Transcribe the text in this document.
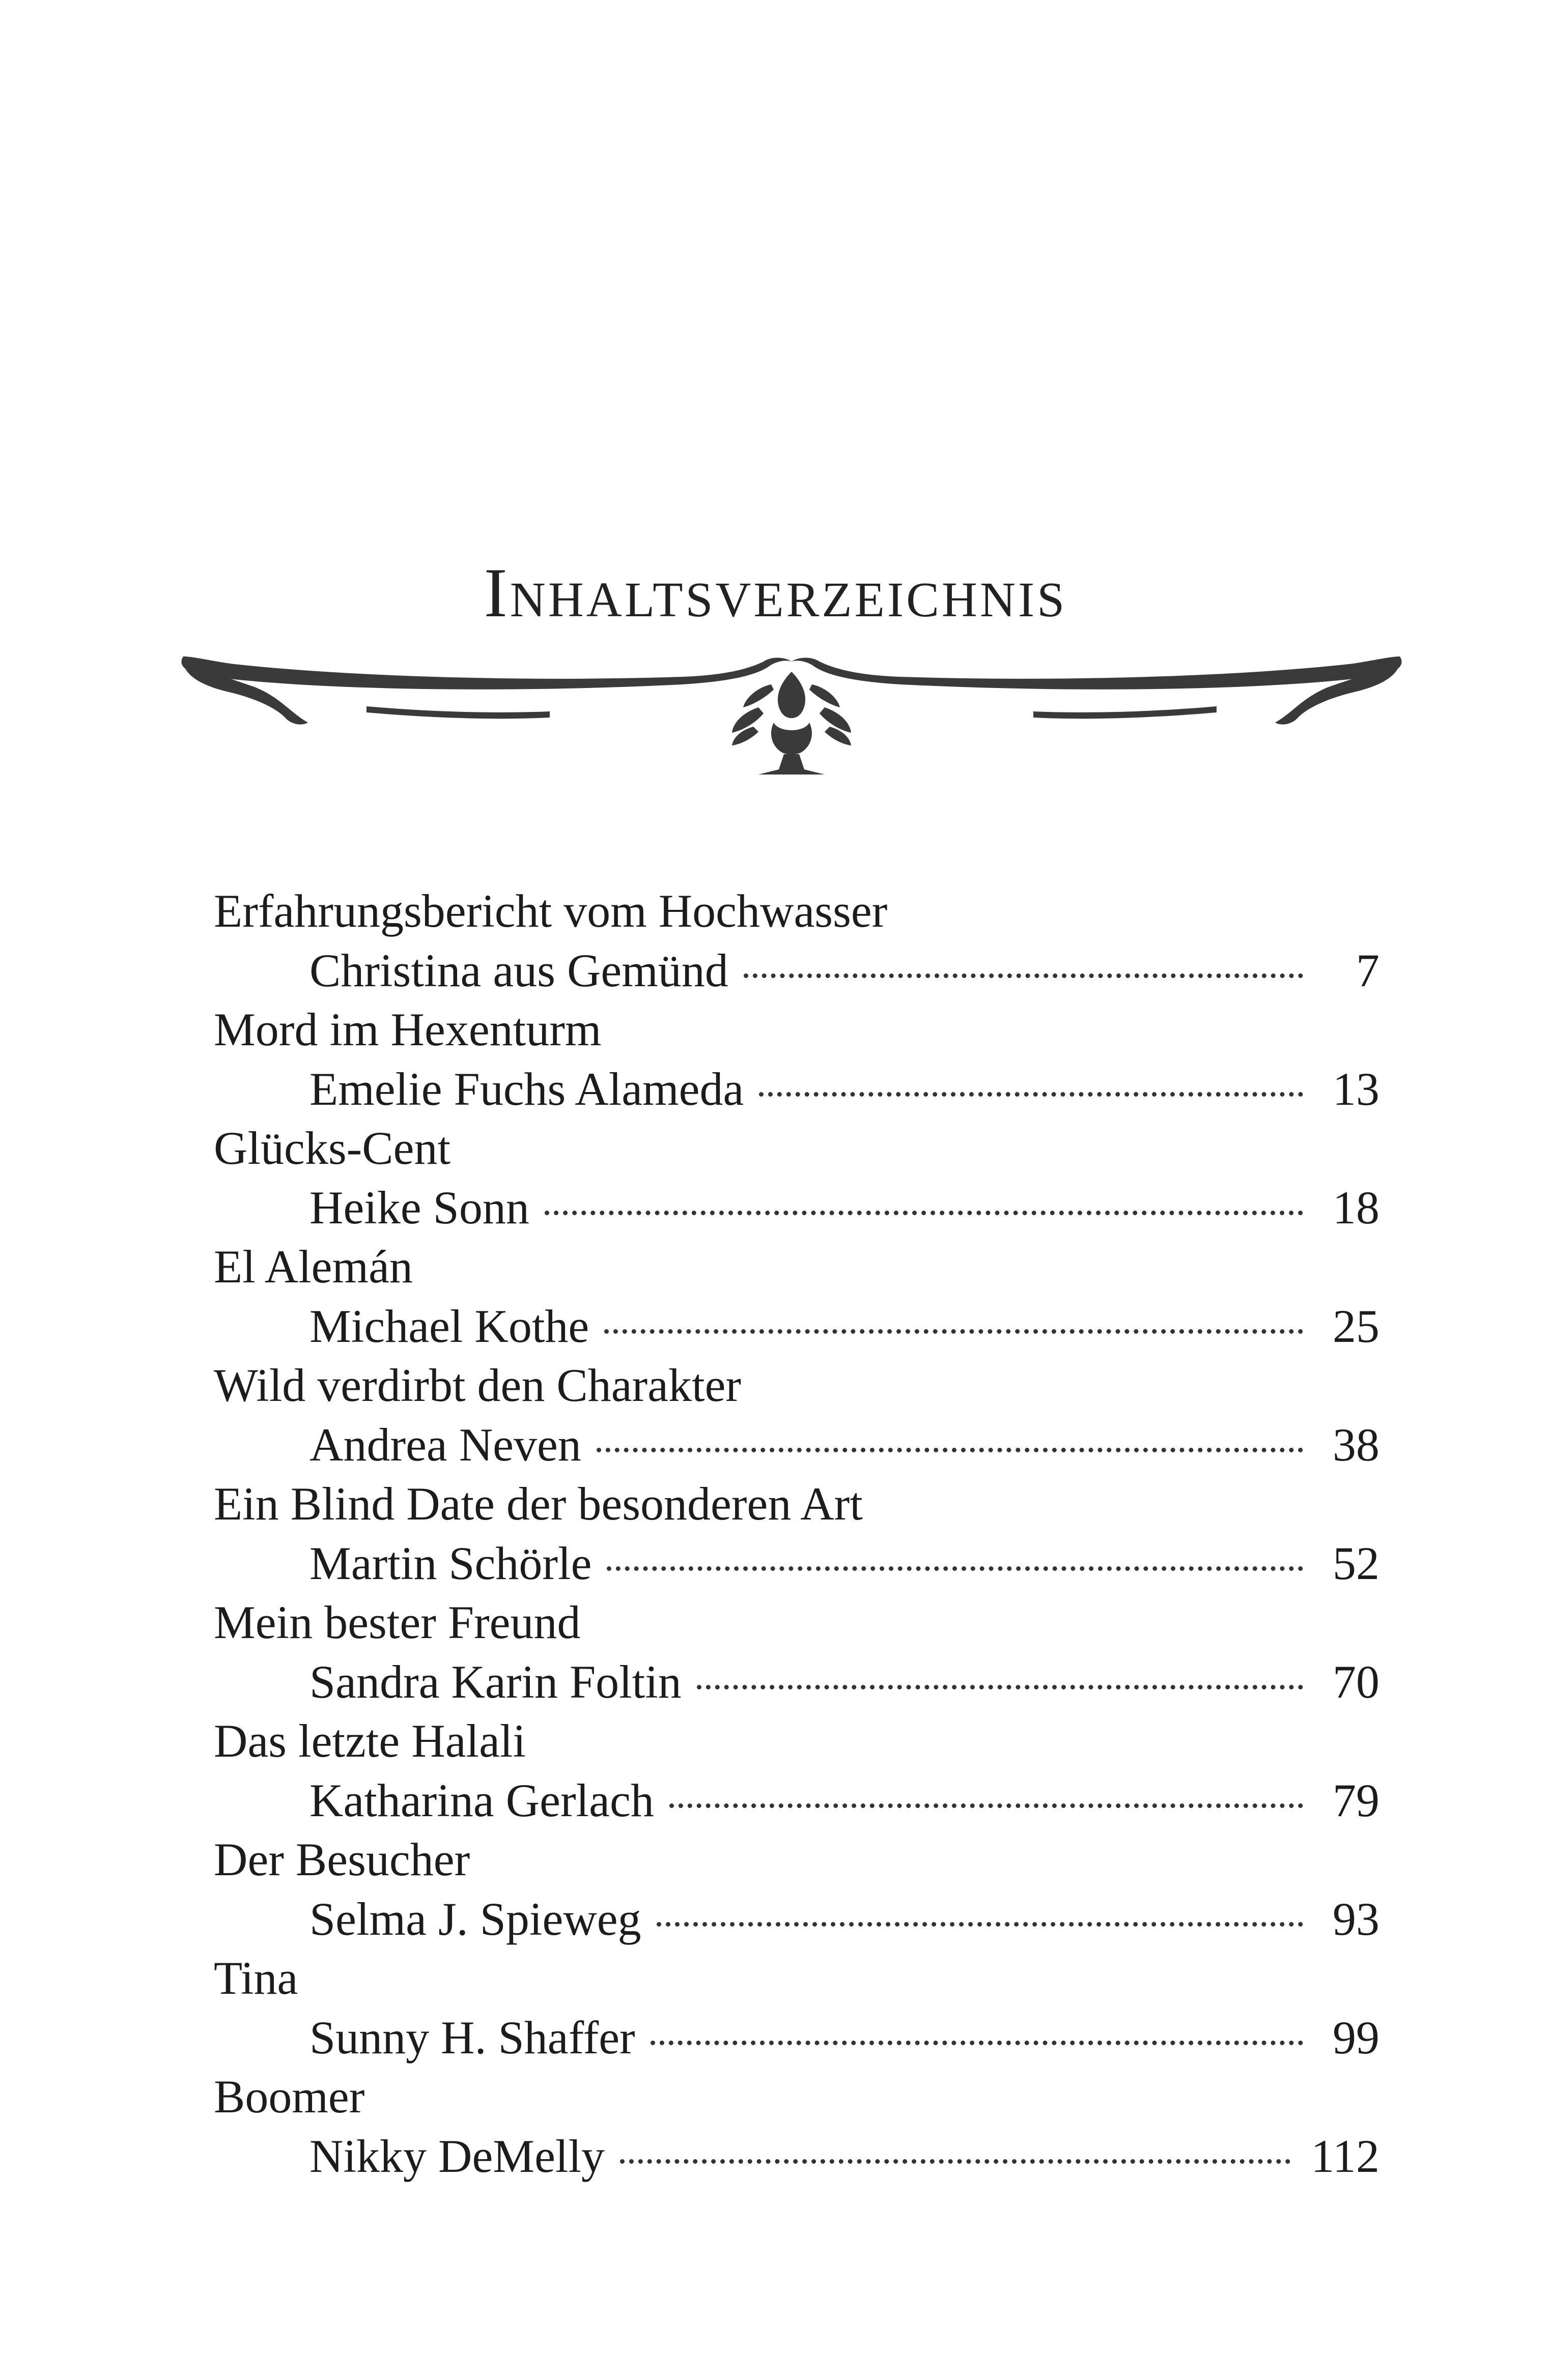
Inhaltsverzeichnis
Erfahrungsbericht vom Hochwasser
Christina aus Gemünd	7
Mord im Hexenturm
Emelie Fuchs Alameda	13
Glücks-Cent
Heike Sonn	18
El Alemán
Michael Kothe	25
Wild verdirbt den Charakter
Andrea Neven	38
Ein Blind Date der besonderen Art
Martin Schörle	52
Mein bester Freund
Sandra Karin Foltin	70
Das letzte Halali
Katharina Gerlach	79
Der Besucher
Selma J. Spieweg	93
Tina
Sunny H. Shaffer	99
Boomer
Nikky DeMelly	112
